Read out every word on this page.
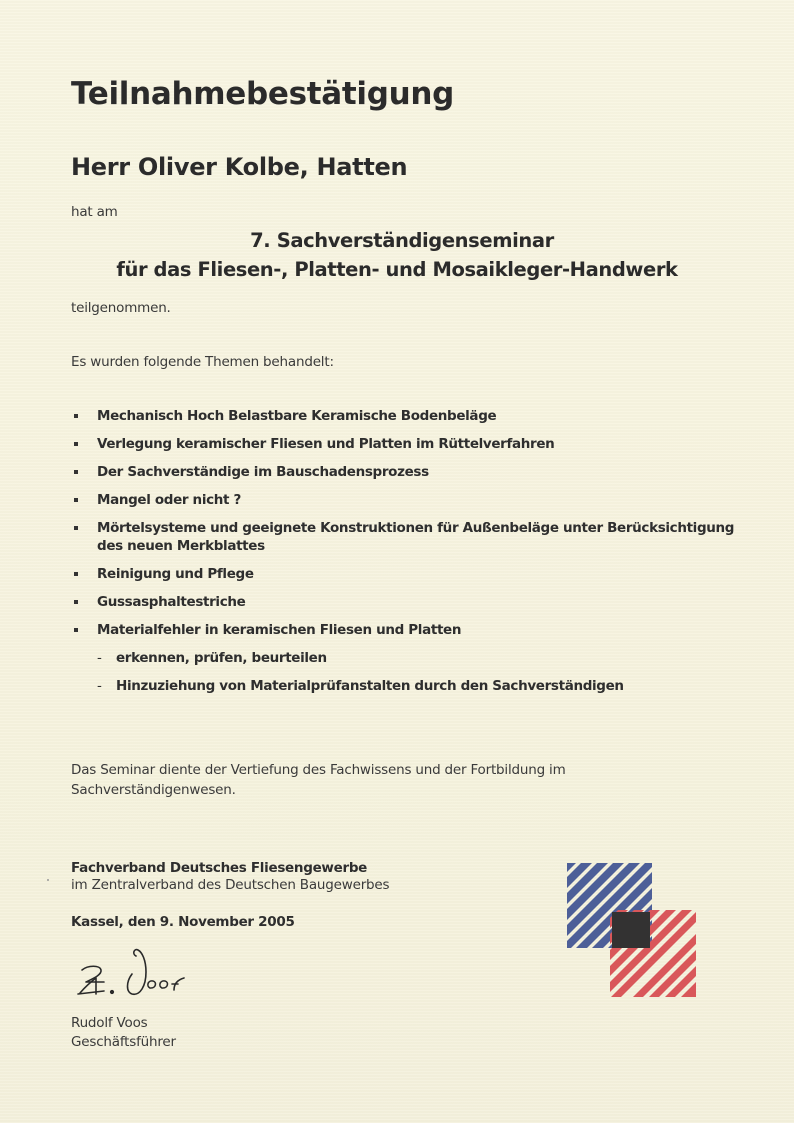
Teilnahmebestätigung
Herr Oliver Kolbe, Hatten
hat am
7. Sachverständigenseminar
für das Fliesen-, Platten- und Mosaikleger-Handwerk
teilgenommen.
Es wurden folgende Themen behandelt:
Mechanisch Hoch Belastbare Keramische Bodenbeläge
Verlegung keramischer Fliesen und Platten im Rüttelverfahren
Der Sachverständige im Bauschadensprozess
Mangel oder nicht ?
Mörtelsysteme und geeignete Konstruktionen für Außenbeläge unter Berücksichtigung des neuen Merkblattes
Reinigung und Pflege
Gussasphaltestriche
Materialfehler in keramischen Fliesen und Platten
- erkennen, prüfen, beurteilen
- Hinzuziehung von Materialprüfanstalten durch den Sachverständigen
Das Seminar diente der Vertiefung des Fachwissens und der Fortbildung im Sachverständigenwesen.
Fachverband Deutsches Fliesengewerbe
im Zentralverband des Deutschen Baugewerbes
Kassel, den 9. November 2005
Rudolf Voos
Geschäftsführer
